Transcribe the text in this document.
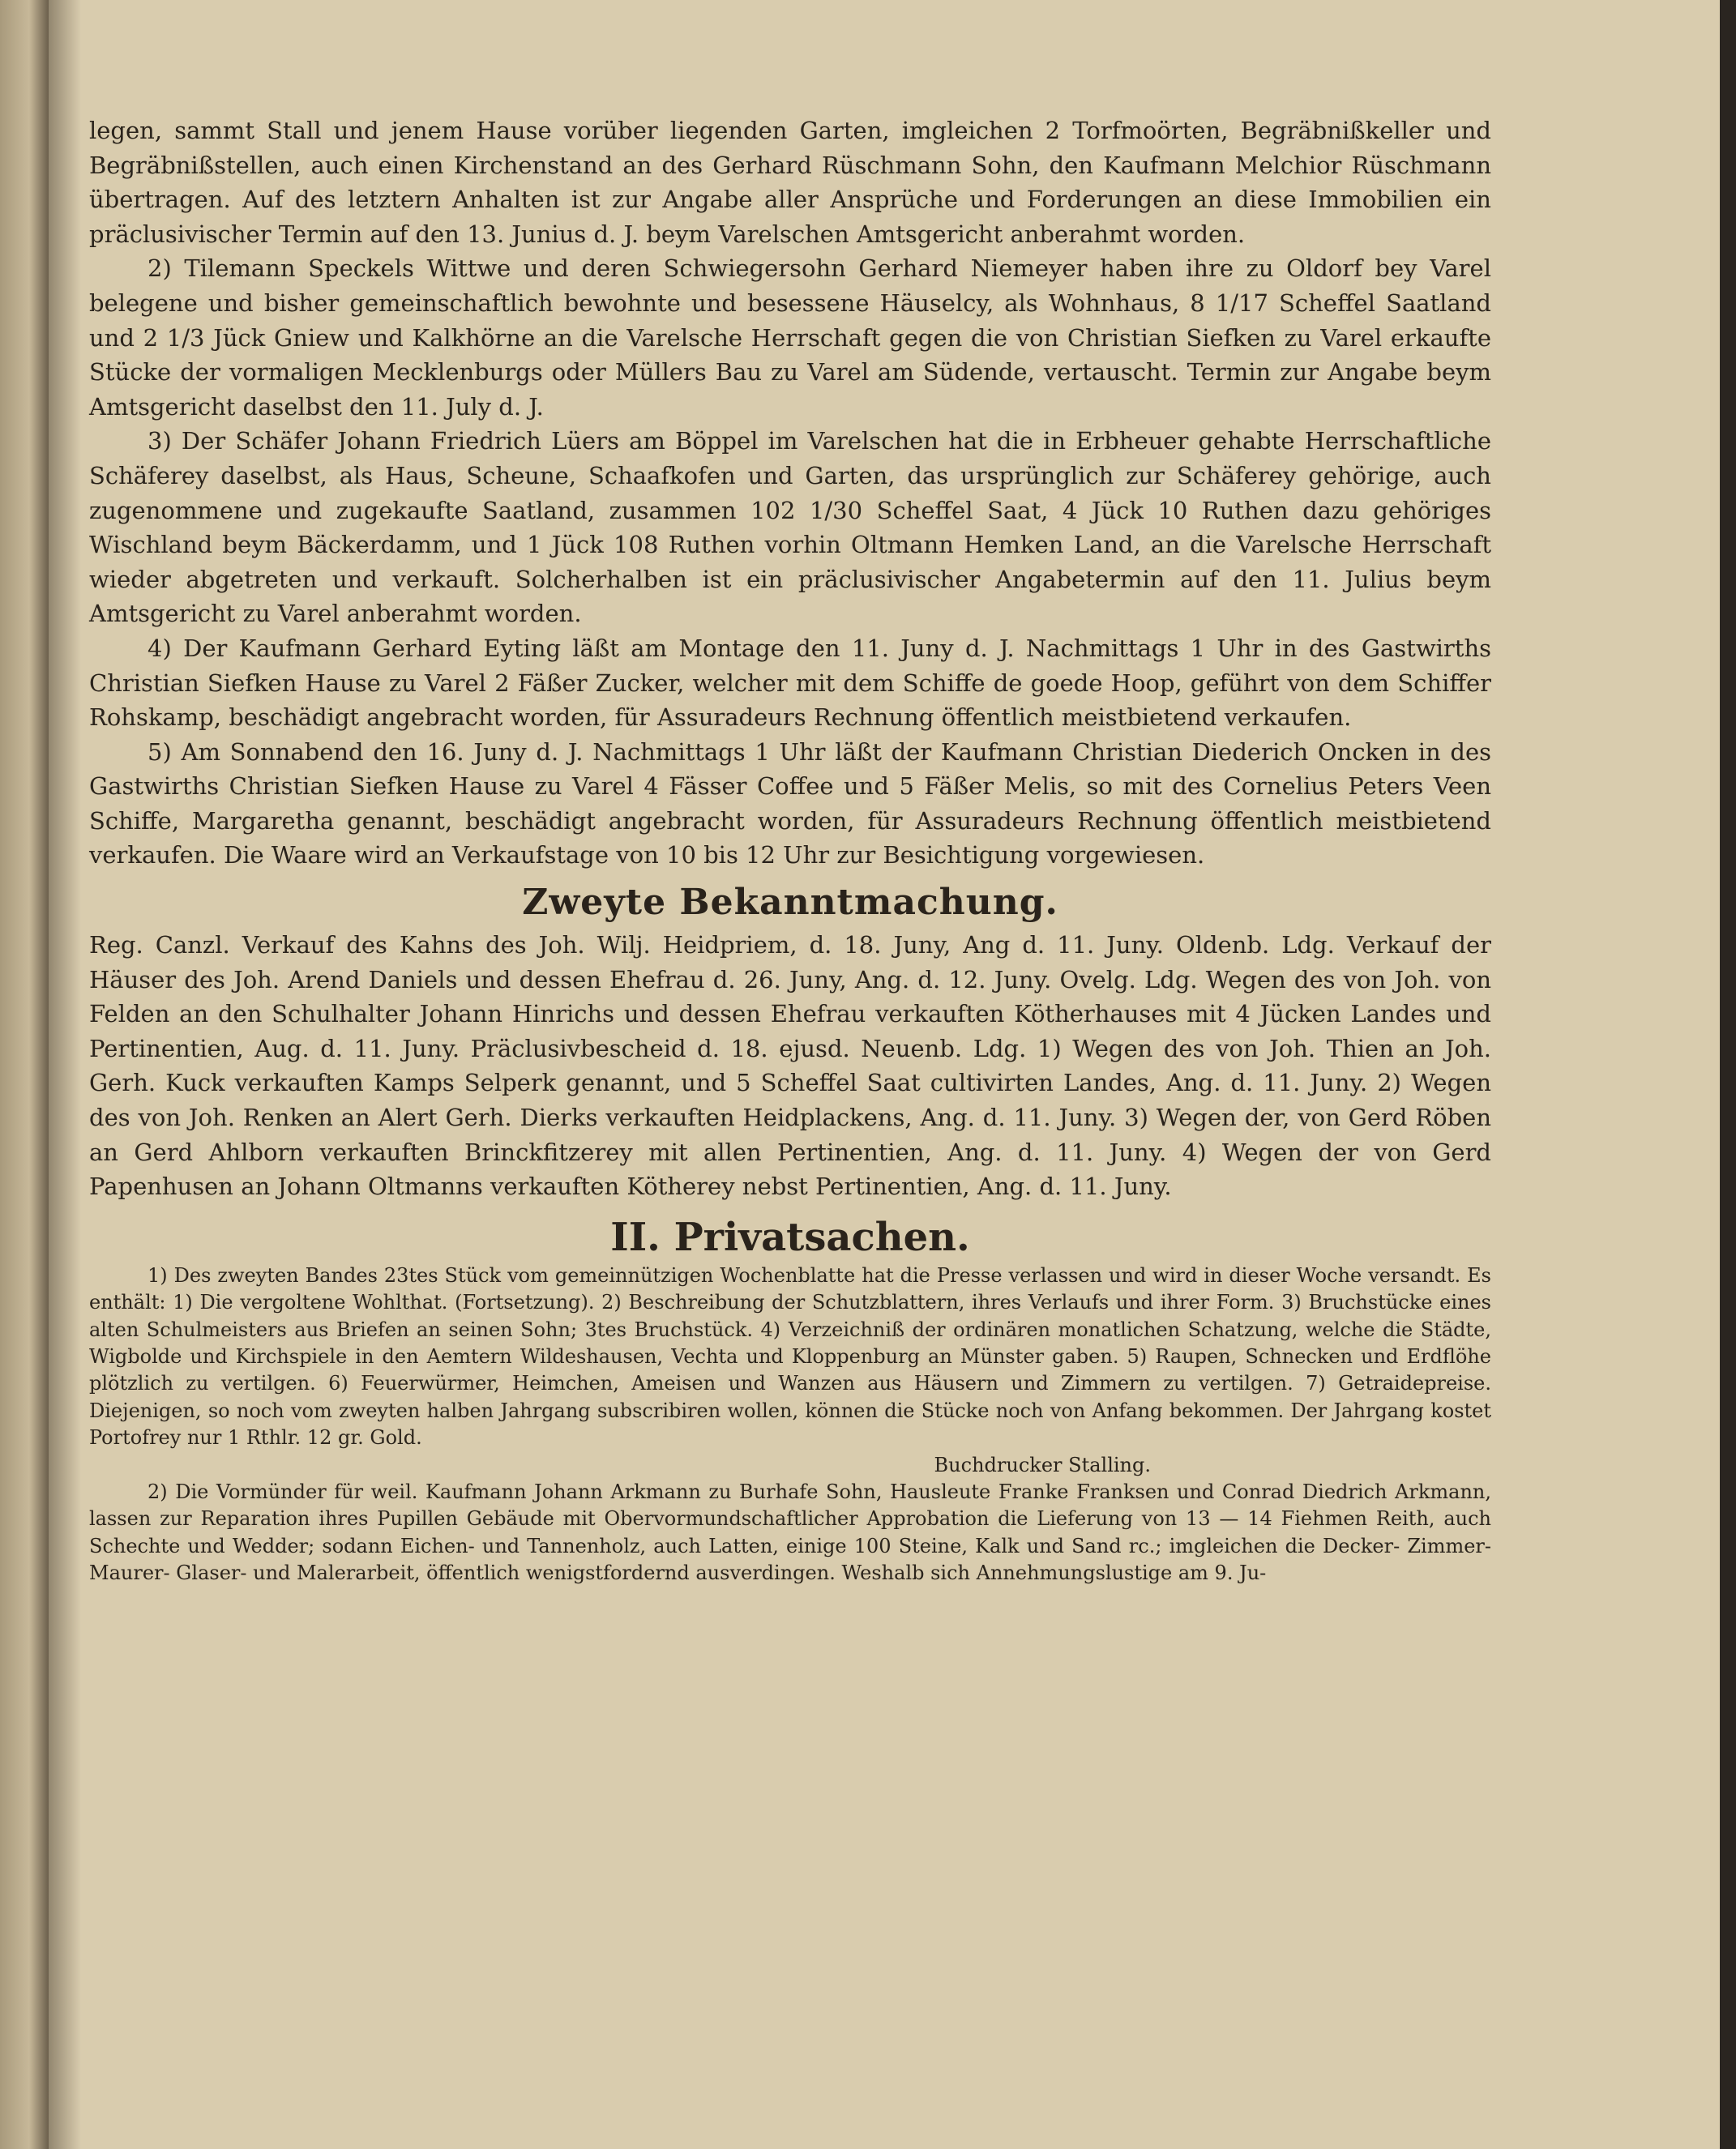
legen, sammt Stall und jenem Hause vorüber liegenden Garten, imgleichen 2 Torfmoörten, Begräbnißkeller und Begräbnißstellen, auch einen Kirchenstand an des Gerhard Rüschmann Sohn, den Kaufmann Melchior Rüschmann übertragen. Auf des letztern Anhalten ist zur Angabe aller Ansprüche und Forderungen an diese Immobilien ein präclusivischer Termin auf den 13. Junius d. J. beym Varelschen Amtsgericht anberahmt worden.

2) Tilemann Speckels Wittwe und deren Schwiegersohn Gerhard Niemeyer haben ihre zu Oldorf bey Varel belegene und bisher gemeinschaftlich bewohnte und besessene Häuselcy, als Wohnhaus, 8 1/17 Scheffel Saatland und 2 1/3 Jück Gniew und Kalkhörne an die Varelsche Herrschaft gegen die von Christian Siefken zu Varel erkaufte Stücke der vormaligen Mecklenburgs oder Müllers Bau zu Varel am Südende, vertauscht. Termin zur Angabe beym Amtsgericht daselbst den 11. July d. J.

3) Der Schäfer Johann Friedrich Lüers am Böppel im Varelschen hat die in Erbheuer gehabte Herrschaftliche Schäferey daselbst, als Haus, Scheune, Schaafkofen und Garten, das ursprünglich zur Schäferey gehörige, auch zugenommene und zugekaufte Saatland, zusammen 102 1/30 Scheffel Saat, 4 Jück 10 Ruthen dazu gehöriges Wischland beym Bäckerdamm, und 1 Jück 108 Ruthen vorhin Oltmann Hemken Land, an die Varelsche Herrschaft wieder abgetreten und verkauft. Solcherhalben ist ein präclusivischer Angabetermin auf den 11. Julius beym Amtsgericht zu Varel anberahmt worden.

4) Der Kaufmann Gerhard Eyting läßt am Montage den 11. Juny d. J. Nachmittags 1 Uhr in des Gastwirths Christian Siefken Hause zu Varel 2 Fäßer Zucker, welcher mit dem Schiffe de goede Hoop, geführt von dem Schiffer Rohskamp, beschädigt angebracht worden, für Assuradeurs Rechnung öffentlich meistbietend verkaufen.

5) Am Sonnabend den 16. Juny d. J. Nachmittags 1 Uhr läßt der Kaufmann Christian Diederich Oncken in des Gastwirths Christian Siefken Hause zu Varel 4 Fässer Coffee und 5 Fäßer Melis, so mit des Cornelius Peters Veen Schiffe, Margaretha genannt, beschädigt angebracht worden, für Assuradeurs Rechnung öffentlich meistbietend verkaufen. Die Waare wird an Verkaufstage von 10 bis 12 Uhr zur Besichtigung vorgewiesen.

Zweyte Bekanntmachung.

Reg. Canzl. Verkauf des Kahns des Joh. Wilj. Heidpriem, d. 18. Juny, Ang d. 11. Juny. Oldenb. Ldg. Verkauf der Häuser des Joh. Arend Daniels und dessen Ehefrau d. 26. Juny, Ang. d. 12. Juny. Ovelg. Ldg. Wegen des von Joh. von Felden an den Schulhalter Johann Hinrichs und dessen Ehefrau verkauften Kötherhauses mit 4 Jücken Landes und Pertinentien, Aug. d. 11. Juny. Präclusivbescheid d. 18. ejusd. Neuenb. Ldg. 1) Wegen des von Joh. Thien an Joh. Gerh. Kuck verkauften Kamps Selperk genannt, und 5 Scheffel Saat cultivirten Landes, Ang. d. 11. Juny. 2) Wegen des von Joh. Renken an Alert Gerh. Dierks verkauften Heidplackens, Ang. d. 11. Juny. 3) Wegen der, von Gerd Röben an Gerd Ahlborn verkauften Brinckfitzerey mit allen Pertinentien, Ang. d. 11. Juny. 4) Wegen der von Gerd Papenhusen an Johann Oltmanns verkauften Kötherey nebst Pertinentien, Ang. d. 11. Juny.

II. Privatsachen.

1) Des zweyten Bandes 23tes Stück vom gemeinnützigen Wochenblatte hat die Presse verlassen und wird in dieser Woche versandt. Es enthält: 1) Die vergoltene Wohlthat. (Fortsetzung). 2) Beschreibung der Schutzblattern, ihres Verlaufs und ihrer Form. 3) Bruchstücke eines alten Schulmeisters aus Briefen an seinen Sohn; 3tes Bruchstück. 4) Verzeichniß der ordinären monatlichen Schatzung, welche die Städte, Wigbolde und Kirchspiele in den Aemtern Wildeshausen, Vechta und Kloppenburg an Münster gaben. 5) Raupen, Schnecken und Erdflöhe plötzlich zu vertilgen. 6) Feuerwürmer, Heimchen, Ameisen und Wanzen aus Häusern und Zimmern zu vertilgen. 7) Getraidepreise. Diejenigen, so noch vom zweyten halben Jahrgang subscribiren wollen, können die Stücke noch von Anfang bekommen. Der Jahrgang kostet Portofrey nur 1 Rthlr. 12 gr. Gold.

Buchdrucker Stalling.

2) Die Vormünder für weil. Kaufmann Johann Arkmann zu Burhafe Sohn, Hausleute Franke Franksen und Conrad Diedrich Arkmann, lassen zur Reparation ihres Pupillen Gebäude mit Obervormundschaftlicher Approbation die Lieferung von 13 — 14 Fiehmen Reith, auch Schechte und Wedder; sodann Eichen- und Tannenholz, auch Latten, einige 100 Steine, Kalk und Sand rc.; imgleichen die Decker- Zimmer- Maurer- Glaser- und Malerarbeit, öffentlich wenigstfordernd ausverdingen. Weshalb sich Annehmungslustige am 9. Ju-
